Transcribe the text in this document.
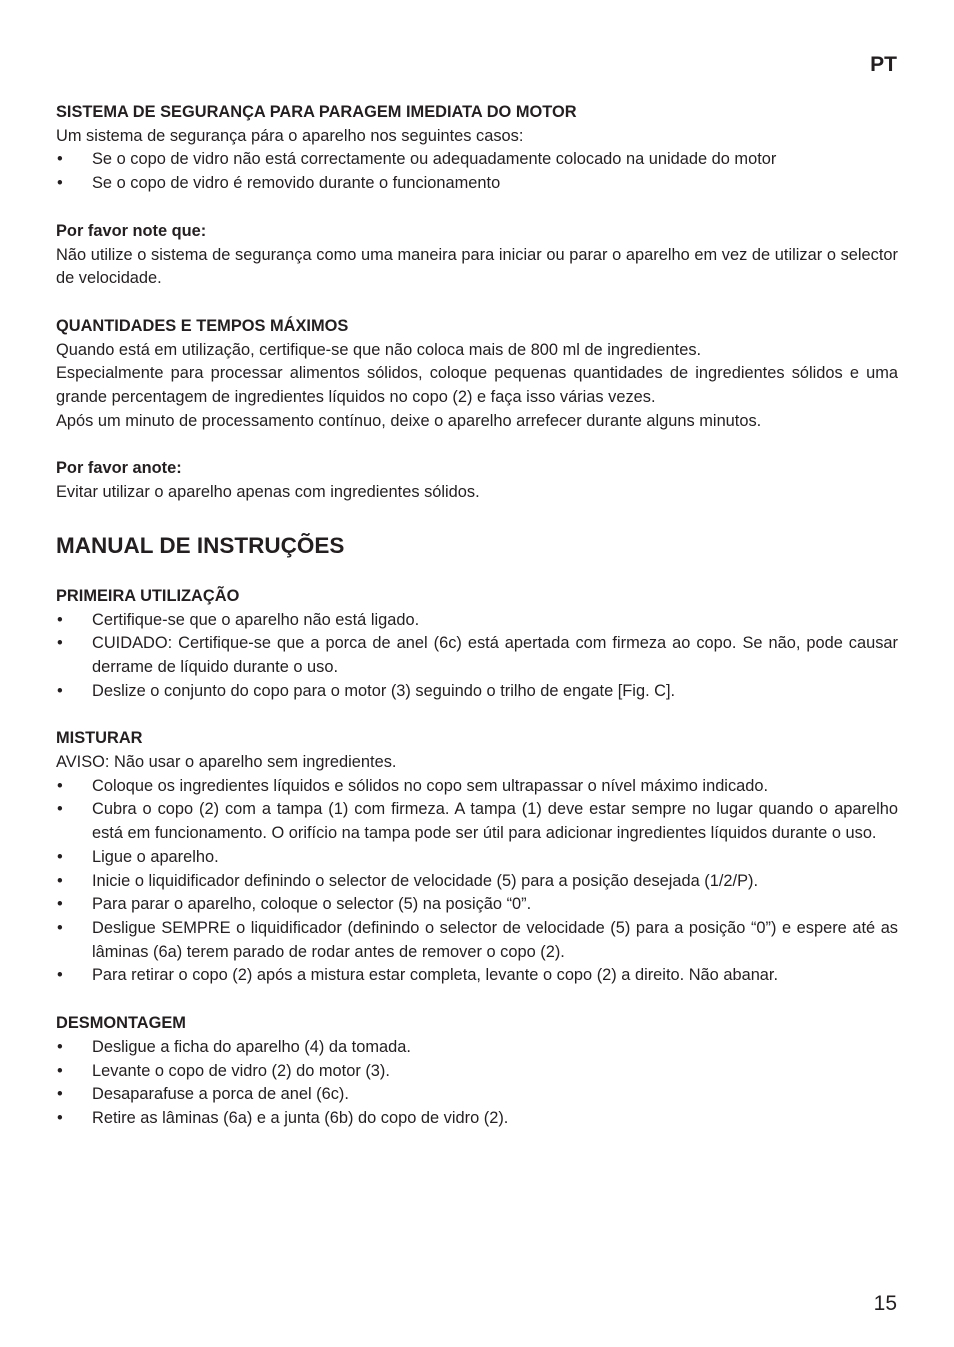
PT

SISTEMA DE SEGURANÇA PARA PARAGEM IMEDIATA DO MOTOR

Um sistema de segurança pára o aparelho nos seguintes casos:

• Se o copo de vidro não está correctamente ou adequadamente colocado na unidade do motor
• Se o copo de vidro é removido durante o funcionamento

Por favor note que:

Não utilize o sistema de segurança como uma maneira para iniciar ou parar o aparelho em vez de utilizar o selector de velocidade.

QUANTIDADES E TEMPOS MÁXIMOS

Quando está em utilização, certifique-se que não coloca mais de 800 ml de ingredientes.

Especialmente para processar alimentos sólidos, coloque pequenas quantidades de ingredientes sólidos e uma grande percentagem de ingredientes líquidos no copo (2) e faça isso várias vezes.

Após um minuto de processamento contínuo, deixe o aparelho arrefecer durante alguns minutos.

Por favor anote:

Evitar utilizar o aparelho apenas com ingredientes sólidos.

MANUAL DE INSTRUÇÕES

PRIMEIRA UTILIZAÇÃO

• Certifique-se que o aparelho não está ligado.
• CUIDADO: Certifique-se que a porca de anel (6c) está apertada com firmeza ao copo. Se não, pode causar derrame de líquido durante o uso.
• Deslize o conjunto do copo para o motor (3) seguindo o trilho de engate [Fig. C].

MISTURAR

AVISO: Não usar o aparelho sem ingredientes.

• Coloque os ingredientes líquidos e sólidos no copo sem ultrapassar o nível máximo indicado.
• Cubra o copo (2) com a tampa (1) com firmeza. A tampa (1) deve estar sempre no lugar quando o aparelho está em funcionamento. O orifício na tampa pode ser útil para adicionar ingredientes líquidos durante o uso.
• Ligue o aparelho.
• Inicie o liquidificador definindo o selector de velocidade (5) para a posição desejada (1/2/P).
• Para parar o aparelho, coloque o selector (5) na posição “0”.
• Desligue SEMPRE o liquidificador (definindo o selector de velocidade (5) para a posição “0”) e espere até as lâminas (6a) terem parado de rodar antes de remover o copo (2).
• Para retirar o copo (2) após a mistura estar completa, levante o copo (2) a direito. Não abanar.

DESMONTAGEM

• Desligue a ficha do aparelho (4) da tomada.
• Levante o copo de vidro (2) do motor (3).
• Desaparafuse a porca de anel (6c).
• Retire as lâminas (6a) e a junta (6b) do copo de vidro (2).
15
